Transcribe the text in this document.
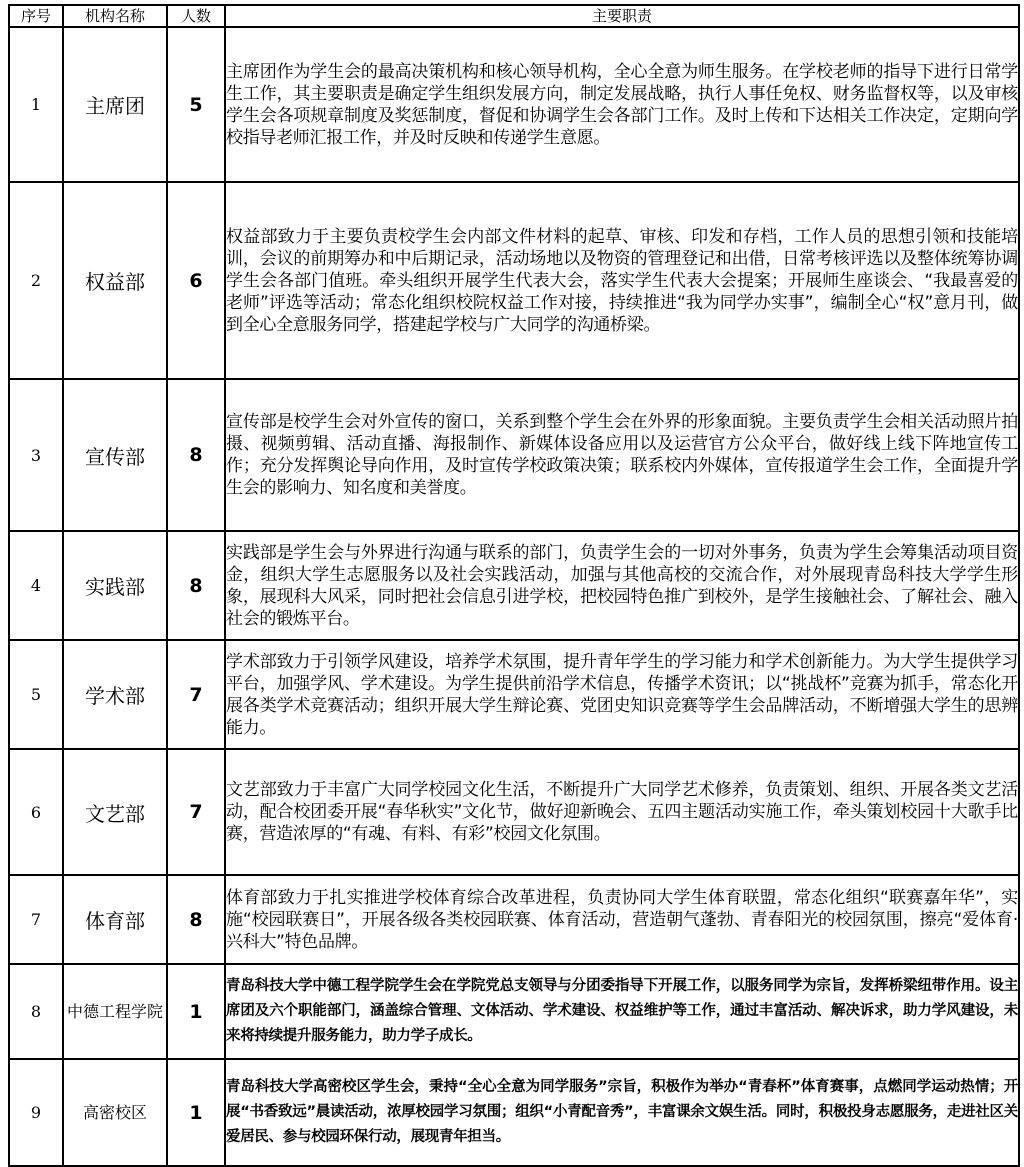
序号	机构名称	人数	主要职责
1	主席团	5	主席团作为学生会的最高决策机构和核心领导机构，全心全意为师生服务。在学校老师的指导下进行日常学生工作，其主要职责是确定学生组织发展方向，制定发展战略，执行人事任免权、财务监督权等，以及审核学生会各项规章制度及奖惩制度，督促和协调学生会各部门工作。及时上传和下达相关工作决定，定期向学校指导老师汇报工作，并及时反映和传递学生意愿。
2	权益部	6	权益部致力于主要负责校学生会内部文件材料的起草、审核、印发和存档，工作人员的思想引领和技能培训，会议的前期筹办和中后期记录，活动场地以及物资的管理登记和出借，日常考核评选以及整体统筹协调学生会各部门值班。牵头组织开展学生代表大会，落实学生代表大会提案；开展师生座谈会、“我最喜爱的老师”评选等活动；常态化组织校院权益工作对接，持续推进“我为同学办实事”，编制全心“权”意月刊，做到全心全意服务同学，搭建起学校与广大同学的沟通桥梁。
3	宣传部	8	宣传部是校学生会对外宣传的窗口，关系到整个学生会在外界的形象面貌。主要负责学生会相关活动照片拍摄、视频剪辑、活动直播、海报制作、新媒体设备应用以及运营官方公众平台，做好线上线下阵地宣传工作；充分发挥舆论导向作用，及时宣传学校政策决策；联系校内外媒体，宣传报道学生会工作，全面提升学生会的影响力、知名度和美誉度。
4	实践部	8	实践部是学生会与外界进行沟通与联系的部门，负责学生会的一切对外事务，负责为学生会筹集活动项目资金，组织大学生志愿服务以及社会实践活动，加强与其他高校的交流合作，对外展现青岛科技大学学生形象，展现科大风采，同时把社会信息引进学校，把校园特色推广到校外，是学生接触社会、了解社会、融入社会的锻炼平台。
5	学术部	7	学术部致力于引领学风建设，培养学术氛围，提升青年学生的学习能力和学术创新能力。为大学生提供学习平台，加强学风、学术建设。为学生提供前沿学术信息，传播学术资讯；以“挑战杯”竞赛为抓手，常态化开展各类学术竞赛活动；组织开展大学生辩论赛、党团史知识竞赛等学生会品牌活动，不断增强大学生的思辨能力。
6	文艺部	7	文艺部致力于丰富广大同学校园文化生活，不断提升广大同学艺术修养，负责策划、组织、开展各类文艺活动，配合校团委开展“春华秋实”文化节，做好迎新晚会、五四主题活动实施工作，牵头策划校园十大歌手比赛，营造浓厚的“有魂、有料、有彩”校园文化氛围。
7	体育部	8	体育部致力于扎实推进学校体育综合改革进程，负责协同大学生体育联盟，常态化组织“联赛嘉年华”，实施“校园联赛日”，开展各级各类校园联赛、体育活动，营造朝气蓬勃、青春阳光的校园氛围，擦亮“爱体育·兴科大”特色品牌。
8	中德工程学院	1	青岛科技大学中德工程学院学生会在学院党总支领导与分团委指导下开展工作，以服务同学为宗旨，发挥桥梁纽带作用。设主席团及六个职能部门，涵盖综合管理、文体活动、学术建设、权益维护等工作，通过丰富活动、解决诉求，助力学风建设，未来将持续提升服务能力，助力学子成长。
9	高密校区	1	青岛科技大学高密校区学生会，秉持“全心全意为同学服务”宗旨，积极作为举办“青春杯”体育赛事，点燃同学运动热情；开展“书香致远”晨读活动，浓厚校园学习氛围；组织“小青配音秀”，丰富课余文娱生活。同时，积极投身志愿服务，走进社区关爱居民、参与校园环保行动，展现青年担当。
